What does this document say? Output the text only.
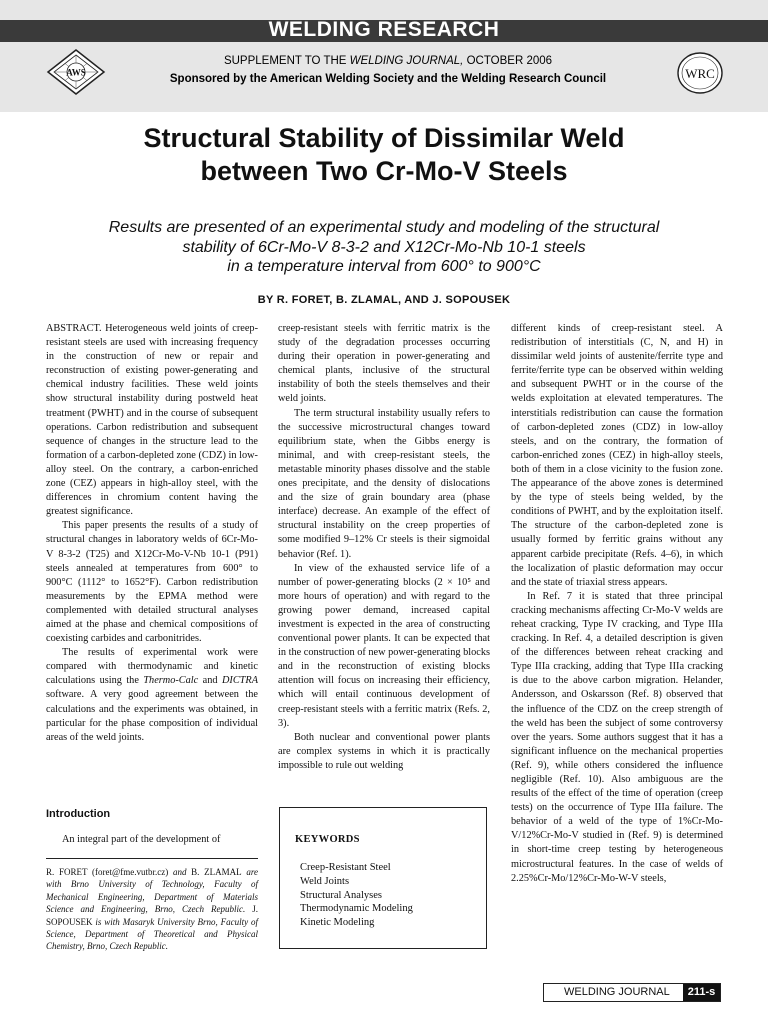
WELDING RESEARCH
AWS	WRC
SUPPLEMENT TO THE WELDING JOURNAL, OCTOBER 2006
Sponsored by the American Welding Society and the Welding Research Council
Structural Stability of Dissimilar Weld
between Two Cr-Mo-V Steels
Results are presented of an experimental study and modeling of the structural
stability of 6Cr-Mo-V 8-3-2 and X12Cr-Mo-Nb 10-1 steels
in a temperature interval from 600° to 900°C
BY R. FORET, B. ZLAMAL, AND J. SOPOUSEK

ABSTRACT. Heterogeneous weld joints of creep-resistant steels are used with increasing frequency in the construction of new or repair and reconstruction of existing power-generating and chemical industry facilities. These weld joints show structural instability during postweld heat treatment (PWHT) and in the course of subsequent operations. Carbon redistribution and subsequent sequence of changes in the structure lead to the formation of a carbon-depleted zone (CDZ) in low-alloy steel. On the contrary, a carbon-enriched zone (CEZ) appears in high-alloy steel, with the differences in chromium content having the greatest significance.

This paper presents the results of a study of structural changes in laboratory welds of 6Cr-Mo-V 8-3-2 (T25) and X12Cr-Mo-V-Nb 10-1 (P91) steels annealed at temperatures from 600° to 900°C (1112° to 1652°F). Carbon redistribution measurements by the EPMA method were complemented with detailed structural analyses aimed at the phase and chemical compositions of coexisting carbides and carbonitrides.

The results of experimental work were compared with thermodynamic and kinetic calculations using the Thermo-Calc and DICTRA software. A very good agreement between the calculations and the experiments was obtained, in particular for the phase composition of individual areas of the weld joints.

Introduction
An integral part of the development of
R. FORET (foret@fme.vutbr.cz) and B. ZLAMAL are with Brno University of Technology, Faculty of Mechanical Engineering, Department of Materials Science and Engineering, Brno, Czech Republic. J. SOPOUSEK is with Masaryk University Brno, Faculty of Science, Department of Theoretical and Physical Chemistry, Brno, Czech Republic.

creep-resistant steels with ferritic matrix is the study of the degradation processes occurring during their operation in power-generating and chemical plants, inclusive of the structural instability of both the steels themselves and their weld joints.

The term structural instability usually refers to the successive microstructural changes toward equilibrium state, when the Gibbs energy is minimal, and with creep-resistant steels, the metastable minority phases dissolve and the stable ones precipitate, and the density of dislocations and the size of grain boundary area (phase interface) decrease. An example of the effect of structural instability on the creep properties of some modified 9–12% Cr steels is their sigmoidal behavior (Ref. 1).

In view of the exhausted service life of a number of power-generating blocks (2 × 10⁵ and more hours of operation) and with regard to the growing power demand, increased capital investment is expected in the area of constructing conventional power plants. It can be expected that in the construction of new power-generating blocks and in the reconstruction of existing blocks attention will focus on increasing their efficiency, which will entail continuous development of creep-resistant steels with a ferritic matrix (Refs. 2, 3).

Both nuclear and conventional power plants are complex systems in which it is practically impossible to rule out welding

KEYWORDS
Creep-Resistant Steel
Weld Joints
Structural Analyses
Thermodynamic Modeling
Kinetic Modeling

different kinds of creep-resistant steel. A redistribution of interstitials (C, N, and H) in dissimilar weld joints of austenite/ferrite type and ferrite/ferrite type can be observed within welding and subsequent PWHT or in the course of the welds exploitation at elevated temperatures. The interstitials redistribution can cause the formation of carbon-depleted zones (CDZ) in low-alloy steels, and on the contrary, the formation of carbon-enriched zones (CEZ) in high-alloy steels, both of them in a close vicinity to the fusion zone. The appearance of the above zones is determined by the type of steels being welded, by the conditions of PWHT, and by the exploitation itself. The structure of the carbon-depleted zone is usually formed by ferritic grains without any apparent carbide precipitate (Refs. 4–6), in which the localization of plastic deformation may occur and the state of triaxial stress appears.

In Ref. 7 it is stated that three principal cracking mechanisms affecting Cr-Mo-V welds are reheat cracking, Type IV cracking, and Type IIIa cracking. In Ref. 4, a detailed description is given of the differences between reheat cracking and Type IIIa cracking, adding that Type IIIa cracking is due to the above carbon migration. Helander, Andersson, and Oskarsson (Ref. 8) observed that the influence of the CDZ on the creep strength of the weld has been the subject of some controversy over the years. Some authors suggest that it has a significant influence on the mechanical properties (Ref. 9), while others considered the influence negligible (Ref. 10). Also ambiguous are the results of the effect of the time of operation (creep tests) on the occurrence of Type IIIa failure. The behavior of a weld of the type of 1%Cr-Mo-V/12%Cr-Mo-V studied in (Ref. 9) is determined in short-time creep testing by heterogeneous microstructural features. In the case of welds of 2.25%Cr-Mo/12%Cr-Mo-W-V steels,

WELDING JOURNAL	211-s
